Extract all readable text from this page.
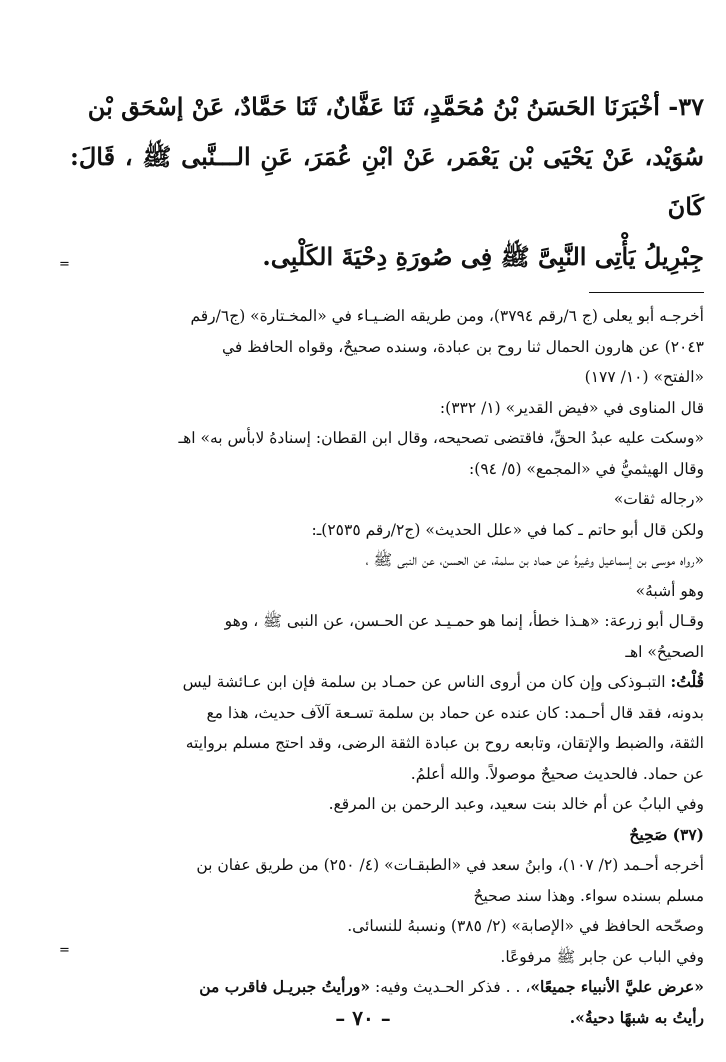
٣٧- أخْبَرَنَا الحَسَنُ بْنُ مُحَمَّدٍ، ثَنَا عَفَّانٌ، ثَنَا حَمَّادٌ، عَنْ إسْحَق بْن

سُوَيْد، عَنْ يَحْيَى بْن يَعْمَر، عَنْ ابْنِ عُمَرَ، عَنِ الـــنَّبى ﷺ ، قَالَ: كَانَ

جِبْرِيلُ يَأْتِى النَّبِىَّ ﷺ فِى صُورَةِ دِحْيَةَ الكَلْبِى.

أخرجـه أبو يعلى (ج ٦/رقم ٣٧٩٤)، ومن طريقه الضـيـاء في «المخـتارة» (ج٦/رقم

٢٠٤٣) عن هارون الحمال ثنا روح بن عبادة، وسنده صحيحٌ، وقواه الحافظ في

«الفتح» (١٠/ ١٧٧)

قال المناوى في «فيض القدير» (١/ ٣٣٢):

«وسكت عليه عبدُ الحقِّ، فاقتضى تصحيحه، وقال ابن القطان: إسنادهُ لابأس به» اهـ

وقال الهيثميُّ في «المجمع» (٥/ ٩٤):

«رجاله ثقات»

ولكن قال أبو حاتم ـ كما في «علل الحديث» (ج٢/رقم ٢٥٣٥)ـ:

«رواه موسى بن إسماعيل وغيرهُ عن حماد بن سلمة، عن الحسن، عن النبى ﷺ ،

وهو أشبهُ»

وقـال أبو زرعة: «هـذا خطأ، إنما هو حمـيـد عن الحـسن، عن النبى ﷺ ، وهو

الصحيحُ» اهـ

قُلْتُ: التبـوذكى وإن كان من أروى الناس عن حمـاد بن سلمة فإن ابن عـائشة ليس

بدونه، فقد قال أحـمد: كان عنده عن حماد بن سلمة تسـعة آلآف حديث، هذا مع

الثقة، والضبط والإتقان، وتابعه روح بن عبادة الثقة الرضى، وقد احتج مسلم بروايته

عن حماد. فالحديث صحيحٌ موصولاً. والله أعلمُ.

وفي البابُ عن أم خالد بنت سعيد، وعبد الرحمن بن المرقع.

(٣٧) صَحِيحٌ

أخرجه أحـمد (٢/ ١٠٧)، وابنُ سعد في «الطبقـات» (٤/ ٢٥٠) من طريق عفان بن

مسلم بسنده سواء. وهذا سند صحيحٌ

وصحّحه الحافظ في «الإصابة» (٢/ ٣٨٥) ونسبهُ للنسائى.

وفي الباب عن جابر ﷺ مرفوعًا.

«عرض عليَّ الأنبياء جميعًا»، . . فذكر الحـديث وفيه: «ورأيتُ جبريـل فاقرب من

رأيتُ به شبهًا دحيةُ».

=
=
– ٧٠ –
